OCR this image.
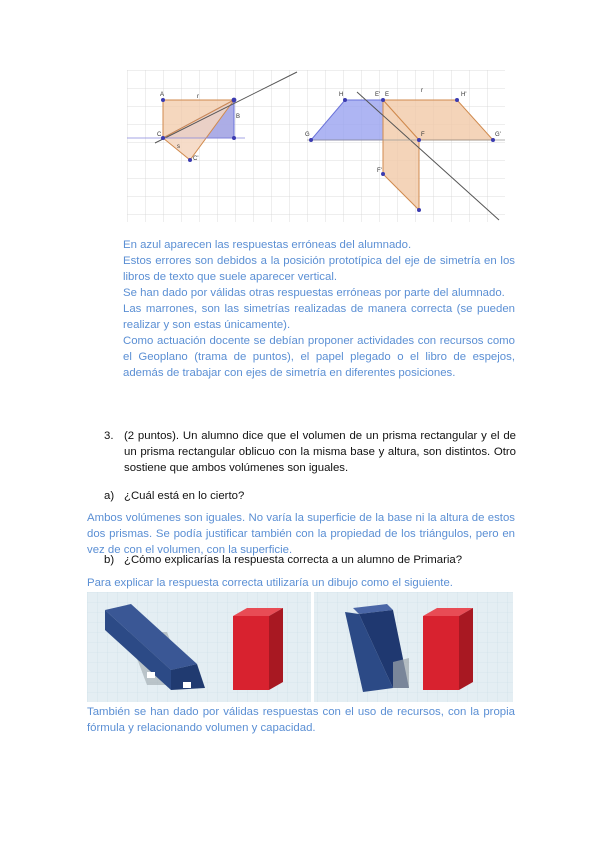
A
B
C
C'
r
s
H	E' E	H'
G	F	G'
F'
r

En azul aparecen las respuestas erróneas del alumnado.

Estos errores son debidos a la posición prototípica del eje de simetría en los libros de texto que suele aparecer vertical.

Se han dado por válidas otras respuestas erróneas por parte del alumnado.

Las marrones, son las simetrías realizadas de manera correcta (se pueden realizar y son estas únicamente).

Como actuación docente se debían proponer actividades con recursos como el Geoplano (trama de puntos), el papel plegado o el libro de espejos, además de trabajar con ejes de simetría en diferentes posiciones.

3. (2 puntos). Un alumno dice que el volumen de un prisma rectangular y el de un prisma rectangular oblicuo con la misma base y altura, son distintos. Otro sostiene que ambos volúmenes son iguales.

a) ¿Cuál está en lo cierto?

Ambos volúmenes son iguales. No varía la superficie de la base ni la altura de estos dos prismas. Se podía justificar también con la propiedad de los triángulos, pero en vez de con el volumen, con la superficie.

b) ¿Cómo explicarías la respuesta correcta a un alumno de Primaria?

Para explicar la respuesta correcta utilizaría un dibujo como el siguiente.

También se han dado por válidas respuestas con el uso de recursos, con la propia fórmula y relacionando volumen y capacidad.
